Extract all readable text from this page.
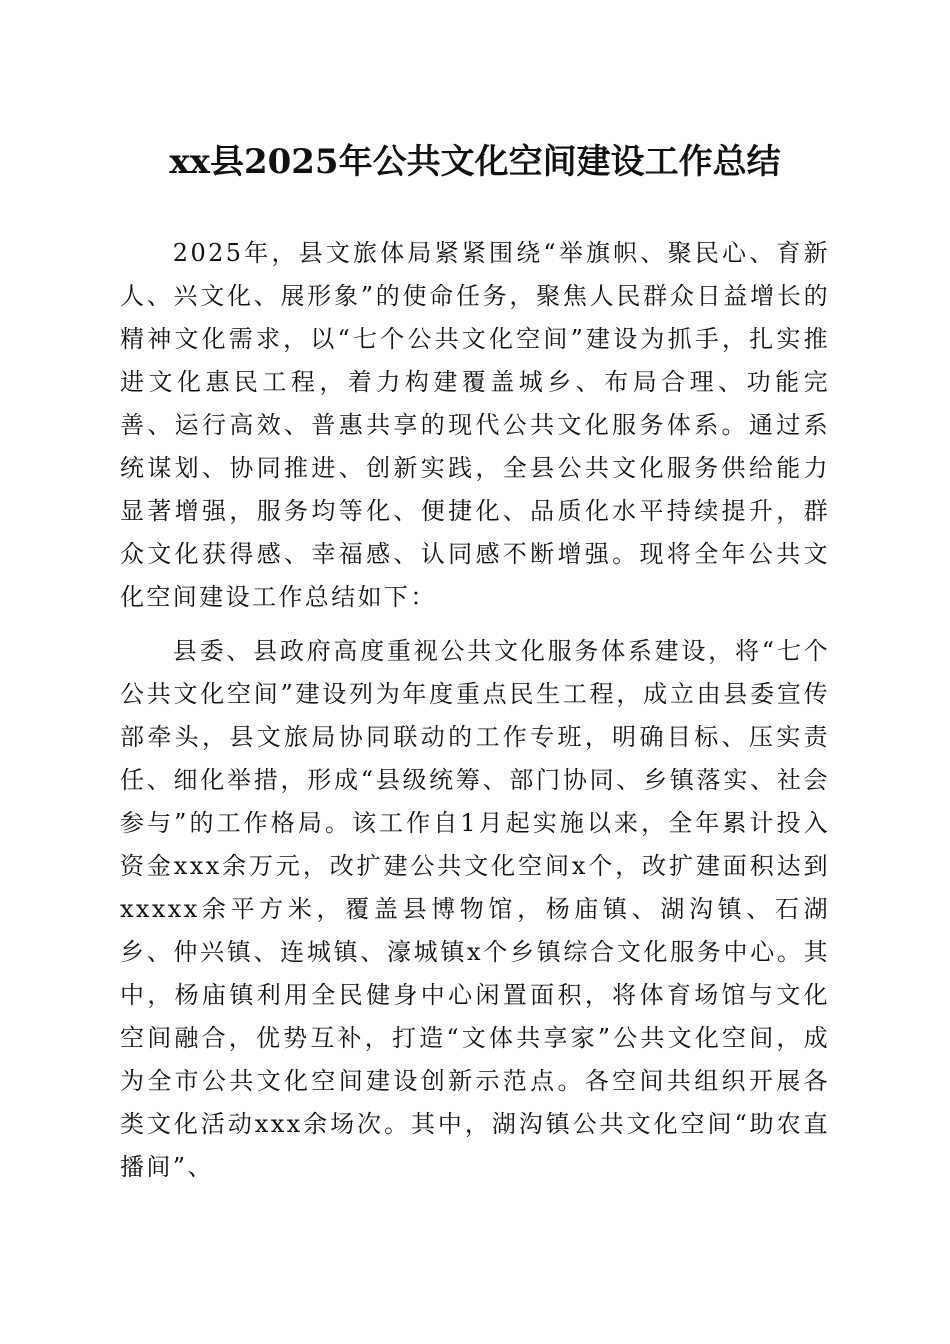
xx县2025年公共文化空间建设工作总结

2025年，县文旅体局紧紧围绕“举旗帜、聚民心、育新人、兴文化、展形象”的使命任务，聚焦人民群众日益增长的精神文化需求，以“七个公共文化空间”建设为抓手，扎实推进文化惠民工程，着力构建覆盖城乡、布局合理、功能完善、运行高效、普惠共享的现代公共文化服务体系。通过系统谋划、协同推进、创新实践，全县公共文化服务供给能力显著增强，服务均等化、便捷化、品质化水平持续提升，群众文化获得感、幸福感、认同感不断增强。现将全年公共文化空间建设工作总结如下：

县委、县政府高度重视公共文化服务体系建设，将“七个公共文化空间”建设列为年度重点民生工程，成立由县委宣传部牵头，县文旅局协同联动的工作专班，明确目标、压实责任、细化举措，形成“县级统筹、部门协同、乡镇落实、社会参与”的工作格局。该工作自1月起实施以来，全年累计投入资金xxx余万元，改扩建公共文化空间x个，改扩建面积达到xxxxx余平方米，覆盖县博物馆，杨庙镇、湖沟镇、石湖乡、仲兴镇、连城镇、濠城镇x个乡镇综合文化服务中心。其中，杨庙镇利用全民健身中心闲置面积，将体育场馆与文化空间融合，优势互补，打造“文体共享家”公共文化空间，成为全市公共文化空间建设创新示范点。各空间共组织开展各类文化活动xxx余场次。其中，湖沟镇公共文化空间“助农直播间”、
